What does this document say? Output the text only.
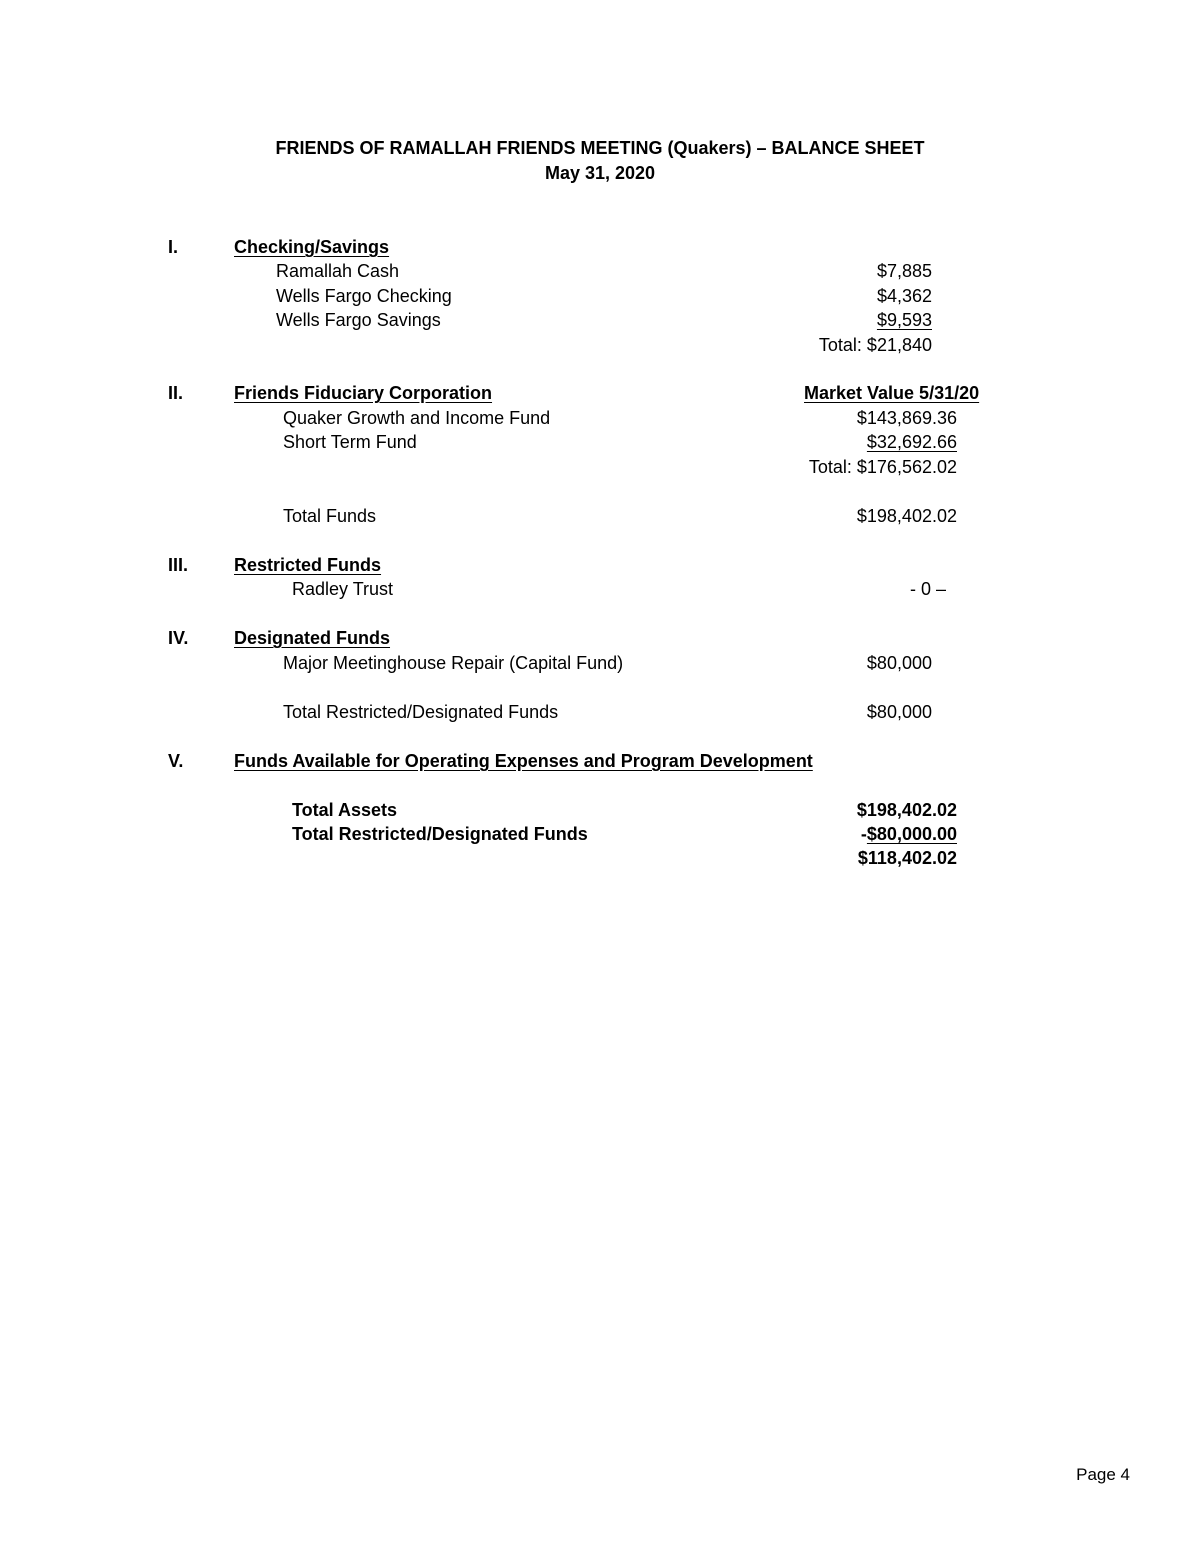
FRIENDS OF RAMALLAH FRIENDS MEETING (Quakers) – BALANCE SHEET
May 31, 2020
I.	Checking/Savings
Ramallah Cash	$7,885
Wells Fargo Checking	$4,362
Wells Fargo Savings	$9,593
Total: $21,840
II.	Friends Fiduciary Corporation	Market Value 5/31/20
Quaker Growth and Income Fund	$143,869.36
Short Term Fund	$32,692.66
Total: $176,562.02
Total Funds	$198,402.02
III.	Restricted Funds
Radley Trust	- 0 –
IV.	Designated Funds
Major Meetinghouse Repair (Capital Fund)	$80,000
Total Restricted/Designated Funds	$80,000
V.	Funds Available for Operating Expenses and Program Development
Total Assets	$198,402.02
Total Restricted/Designated Funds	-$80,000.00
$118,402.02
Page 4
